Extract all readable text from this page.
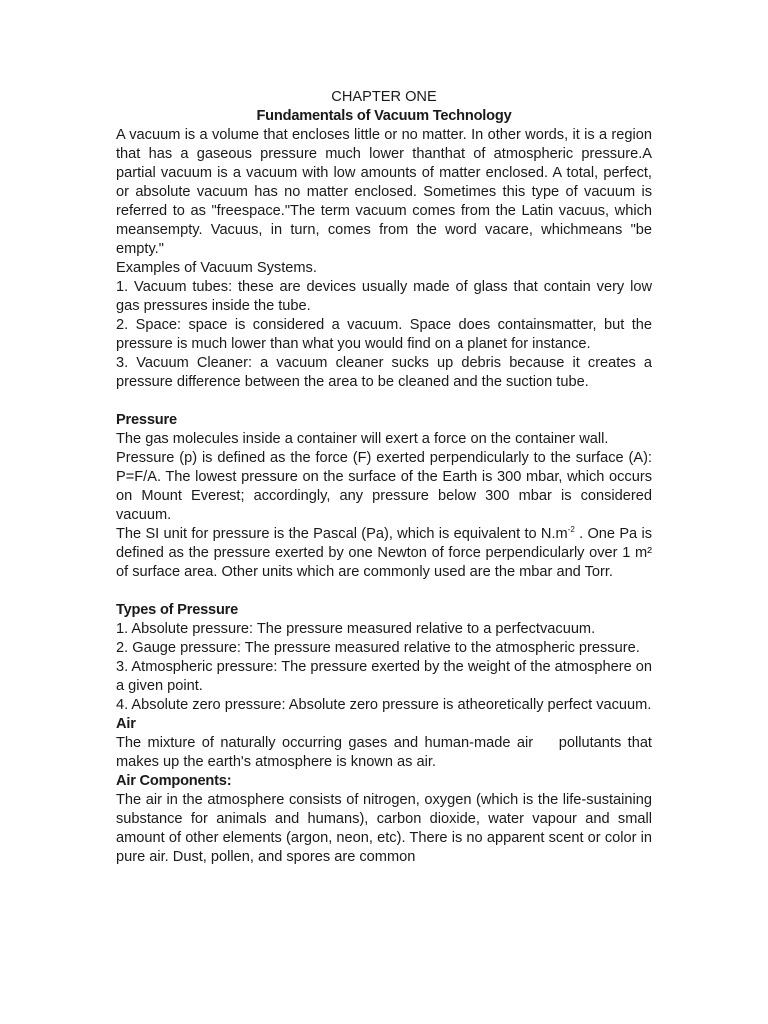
CHAPTER ONE
Fundamentals of Vacuum Technology

A vacuum is a volume that encloses little or no matter. In other words, it is a region that has a gaseous pressure much lower thanthat of atmospheric pressure.A partial vacuum is a vacuum with low amounts of matter enclosed. A total, perfect, or absolute vacuum has no matter enclosed. Sometimes this type of vacuum is referred to as "freespace."The term vacuum comes from the Latin vacuus, which meansempty. Vacuus, in turn, comes from the word vacare, whichmeans "be empty."

Examples of Vacuum Systems.

1. Vacuum tubes: these are devices usually made of glass that contain very low gas pressures inside the tube.

2. Space: space is considered a vacuum. Space does containsmatter, but the pressure is much lower than what you would find on a planet for instance.

3. Vacuum Cleaner: a vacuum cleaner sucks up debris because it creates a pressure difference between the area to be cleaned and the suction tube.

Pressure
The gas molecules inside a container will exert a force on the container wall.

Pressure (p) is defined as the force (F) exerted perpendicularly to the surface (A): P=F/A. The lowest pressure on the surface of the Earth is 300 mbar, which occurs on Mount Everest; accordingly, any pressure below 300 mbar is considered vacuum.

The SI unit for pressure is the Pascal (Pa), which is equivalent to $N.m^{-2}$ . One Pa is defined as the pressure exerted by one Newton of force perpendicularly over 1 m² of surface area. Other units which are commonly used are the mbar and Torr.

Types of Pressure

1. Absolute pressure: The pressure measured relative to a perfectvacuum.

2. Gauge pressure: The pressure measured relative to the atmospheric pressure.

3. Atmospheric pressure: The pressure exerted by the weight of the atmosphere on a given point.

4. Absolute zero pressure: Absolute zero pressure is atheoretically perfect vacuum.

Air

The mixture of naturally occurring gases and human-made air    pollutants that makes up the earth's atmosphere is known as air.

Air Components:

The air in the atmosphere consists of nitrogen, oxygen (which is the life-sustaining substance for animals and humans), carbon dioxide, water vapour and small amount of other elements (argon, neon, etc). There is no apparent scent or color in pure air. Dust, pollen, and spores are common
